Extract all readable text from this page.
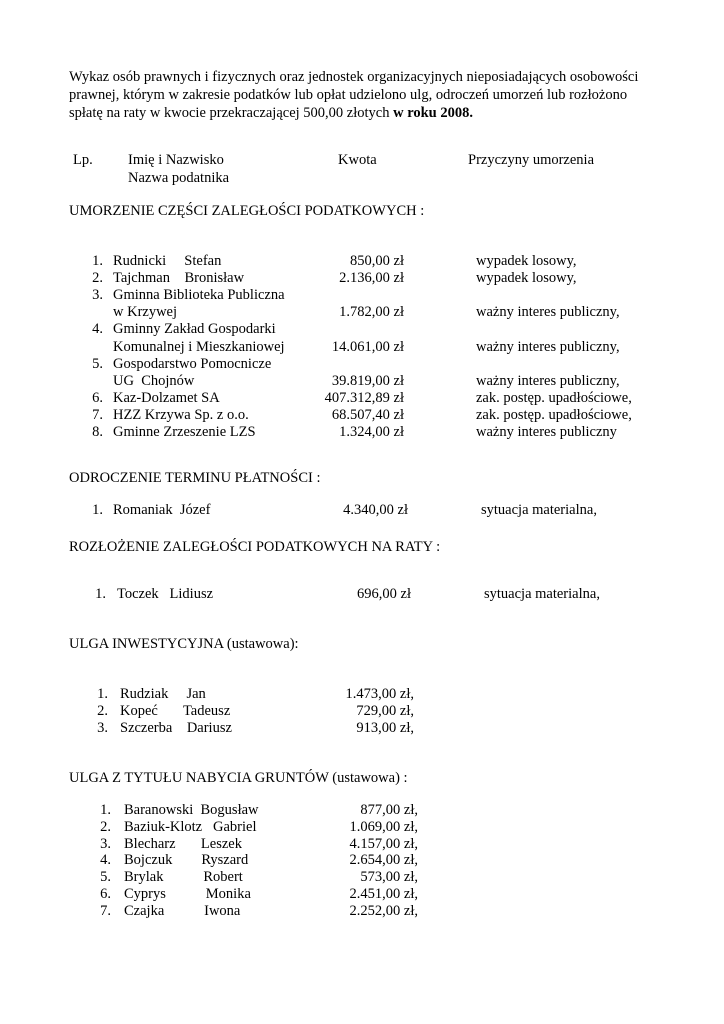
Wykaz osób prawnych i fizycznych oraz jednostek organizacyjnych nieposiadających osobowości
prawnej, którym w zakresie podatków lub opłat udzielono ulg, odroczeń umorzeń lub rozłożono
spłatę na raty w kwocie przekraczającej 500,00 złotych w roku 2008.
Lp. Imię i Nazwisko
Nazwa podatnika
Kwota	Przyczyny umorzenia
UMORZENIE CZĘŚCI ZALEGŁOŚCI PODATKOWYCH :
1. Rudnicki     Stefan	850,00 zł	wypadek losowy,
2. Tajchman    Bronisław	2.136,00 zł	wypadek losowy,
3. Gminna Biblioteka Publiczna
w Krzywej	1.782,00 zł	ważny interes publiczny,
4. Gminny Zakład Gospodarki
Komunalnej i Mieszkaniowej	14.061,00 zł	ważny interes publiczny,
5. Gospodarstwo Pomocnicze
UG  Chojnów	39.819,00 zł	ważny interes publiczny,
6. Kaz-Dolzamet SA	407.312,89 zł	zak. postęp. upadłościowe,
7. HZZ Krzywa Sp. z o.o.	68.507,40 zł	zak. postęp. upadłościowe,
8. Gminne Zrzeszenie LZS	1.324,00 zł	ważny interes publiczny
ODROCZENIE TERMINU PŁATNOŚCI :
1. Romaniak  Józef	4.340,00 zł	sytuacja materialna,
ROZŁOŻENIE ZALEGŁOŚCI PODATKOWYCH NA RATY :
1. Toczek   Lidiusz	696,00 zł	sytuacja materialna,
ULGA INWESTYCYJNA (ustawowa):
1. Rudziak     Jan	1.473,00 zł,
2. Kopeć       Tadeusz	729,00 zł,
3. Szczerba    Dariusz	913,00 zł,
ULGA Z TYTUŁU NABYCIA GRUNTÓW (ustawowa) :
1. Baranowski  Bogusław	877,00 zł,
2. Baziuk-Klotz   Gabriel	1.069,00 zł,
3. Blecharz       Leszek	4.157,00 zł,
4. Bojczuk        Ryszard	2.654,00 zł,
5. Brylak           Robert	573,00 zł,
6. Cyprys           Monika	2.451,00 zł,
7. Czajka           Iwona	2.252,00 zł,
